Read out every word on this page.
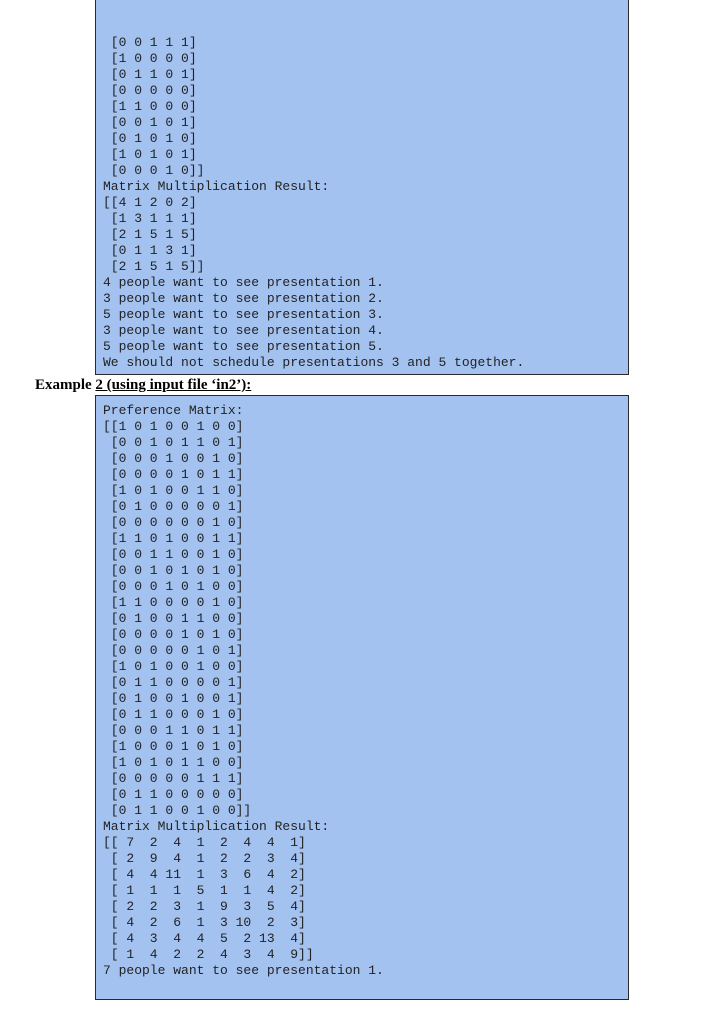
[0 0 1 1 1]
[1 0 0 0 0]
[0 1 1 0 1]
[0 0 0 0 0]
[1 1 0 0 0]
[0 0 1 0 1]
[0 1 0 1 0]
[1 0 1 0 1]
[0 0 0 1 0]]
Matrix Multiplication Result:
[[4 1 2 0 2]
[1 3 1 1 1]
[2 1 5 1 5]
[0 1 1 3 1]
[2 1 5 1 5]]
4 people want to see presentation 1.
3 people want to see presentation 2.
5 people want to see presentation 3.
3 people want to see presentation 4.
5 people want to see presentation 5.
We should not schedule presentations 3 and 5 together.
Example 2 (using input file ‘in2’):
Preference Matrix:
[[1 0 1 0 0 1 0 0]
[0 0 1 0 1 1 0 1]
[0 0 0 1 0 0 1 0]
[0 0 0 0 1 0 1 1]
[1 0 1 0 0 1 1 0]
[0 1 0 0 0 0 0 1]
[0 0 0 0 0 0 1 0]
[1 1 0 1 0 0 1 1]
[0 0 1 1 0 0 1 0]
[0 0 1 0 1 0 1 0]
[0 0 0 1 0 1 0 0]
[1 1 0 0 0 0 1 0]
[0 1 0 0 1 1 0 0]
[0 0 0 0 1 0 1 0]
[0 0 0 0 0 1 0 1]
[1 0 1 0 0 1 0 0]
[0 1 1 0 0 0 0 1]
[0 1 0 0 1 0 0 1]
[0 1 1 0 0 0 1 0]
[0 0 0 1 1 0 1 1]
[1 0 0 0 1 0 1 0]
[1 0 1 0 1 1 0 0]
[0 0 0 0 0 1 1 1]
[0 1 1 0 0 0 0 0]
[0 1 1 0 0 1 0 0]]
Matrix Multiplication Result:
[[ 7  2  4  1  2  4  4  1]
[ 2  9  4  1  2  2  3  4]
[ 4  4 11  1  3  6  4  2]
[ 1  1  1  5  1  1  4  2]
[ 2  2  3  1  9  3  5  4]
[ 4  2  6  1  3 10  2  3]
[ 4  3  4  4  5  2 13  4]
[ 1  4  2  2  4  3  4  9]]
7 people want to see presentation 1.
